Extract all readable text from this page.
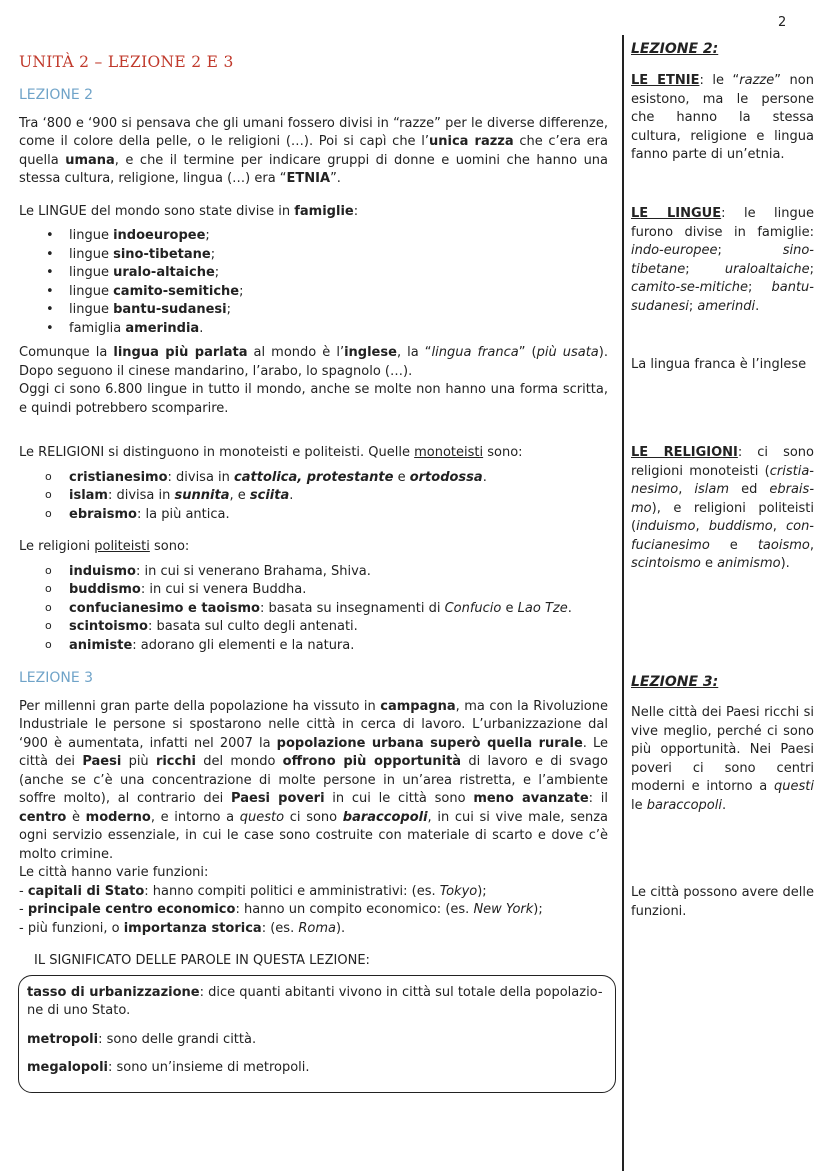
2
UNITÀ 2 – LEZIONE 2 E 3
LEZIONE 2

Tra ‘800 e ‘900 si pensava che gli umani fossero divisi in “razze” per le diverse differenze, come il colore della pelle, o le religioni (…). Poi si capì che l’unica razza che c’era era quella umana, e che il termine per indicare gruppi di donne e uomini che hanno una stessa cultura, religione, lingua (…) era “ETNIA”.

Le LINGUE del mondo sono state divise in famiglie:

• lingue indoeuropee;
• lingue sino-tibetane;
• lingue uralo-altaiche;
• lingue camito-semitiche;
• lingue bantu-sudanesi;
• famiglia amerindia.

Comunque la lingua più parlata al mondo è l’inglese, la “lingua franca” (più usata). Dopo seguono il cinese mandarino, l’arabo, lo spagnolo (…).
Oggi ci sono 6.800 lingue in tutto il mondo, anche se molte non hanno una forma scritta, e quindi potrebbero scomparire.

Le RELIGIONI si distinguono in monoteisti e politeisti. Quelle monoteisti sono:

o cristianesimo: divisa in cattolica, protestante e ortodossa.
o islam: divisa in sunnita, e sciita.
o ebraismo: la più antica.

Le religioni politeisti sono:

o induismo: in cui si venerano Brahama, Shiva.
o buddismo: in cui si venera Buddha.
o confucianesimo e taoismo: basata su insegnamenti di Confucio e Lao Tze.
o scintoismo: basata sul culto degli antenati.
o animiste: adorano gli elementi e la natura.
LEZIONE 3

Per millenni gran parte della popolazione ha vissuto in campagna, ma con la Rivoluzione Industriale le persone si spostarono nelle città in cerca di lavoro. L’urbanizzazione dal ‘900 è aumentata, infatti nel 2007 la popolazione urbana superò quella rurale. Le città dei Paesi più ricchi del mondo offrono più opportunità di lavoro e di svago (anche se c’è una concentrazione di molte persone in un’area ristretta, e l’ambiente soffre molto), al contrario dei Paesi poveri in cui le città sono meno avanzate: il centro è moderno, e intorno a questo ci sono baraccopoli, in cui si vive male, senza ogni servizio essenziale, in cui le case sono costruite con materiale di scarto e dove c’è molto crimine.

Le città hanno varie funzioni:

- capitali di Stato: hanno compiti politici e amministrativi: (es. Tokyo);

- principale centro economico: hanno un compito economico: (es. New York);

- più funzioni, o importanza storica: (es. Roma).

IL SIGNIFICATO DELLE PAROLE IN QUESTA LEZIONE:

tasso di urbanizzazione: dice quanti abitanti vivono in città sul totale della popolazio-ne di uno Stato.

metropoli: sono delle grandi città.

megalopoli: sono un’insieme di metropoli.

LEZIONE 2:

LE ETNIE: le “razze” non esistono, ma le persone che hanno la stessa cultura, religione e lingua fanno parte di un’etnia.

LE LINGUE: le lingue furono divise in famiglie: indo-europee; sino-tibetane; uraloaltaiche; camito-se-mitiche; bantu-sudanesi; amerindi.

La lingua franca è l’inglese

LE RELIGIONI: ci sono religioni monoteisti (cristia-nesimo, islam ed ebrais-mo), e religioni politeisti (induismo, buddismo, con-fucianesimo e taoismo, scintoismo e animismo).

LEZIONE 3:

Nelle città dei Paesi ricchi si vive meglio, perché ci sono più opportunità. Nei Paesi poveri ci sono centri moderni e intorno a questi le baraccopoli.

Le città possono avere delle funzioni.
